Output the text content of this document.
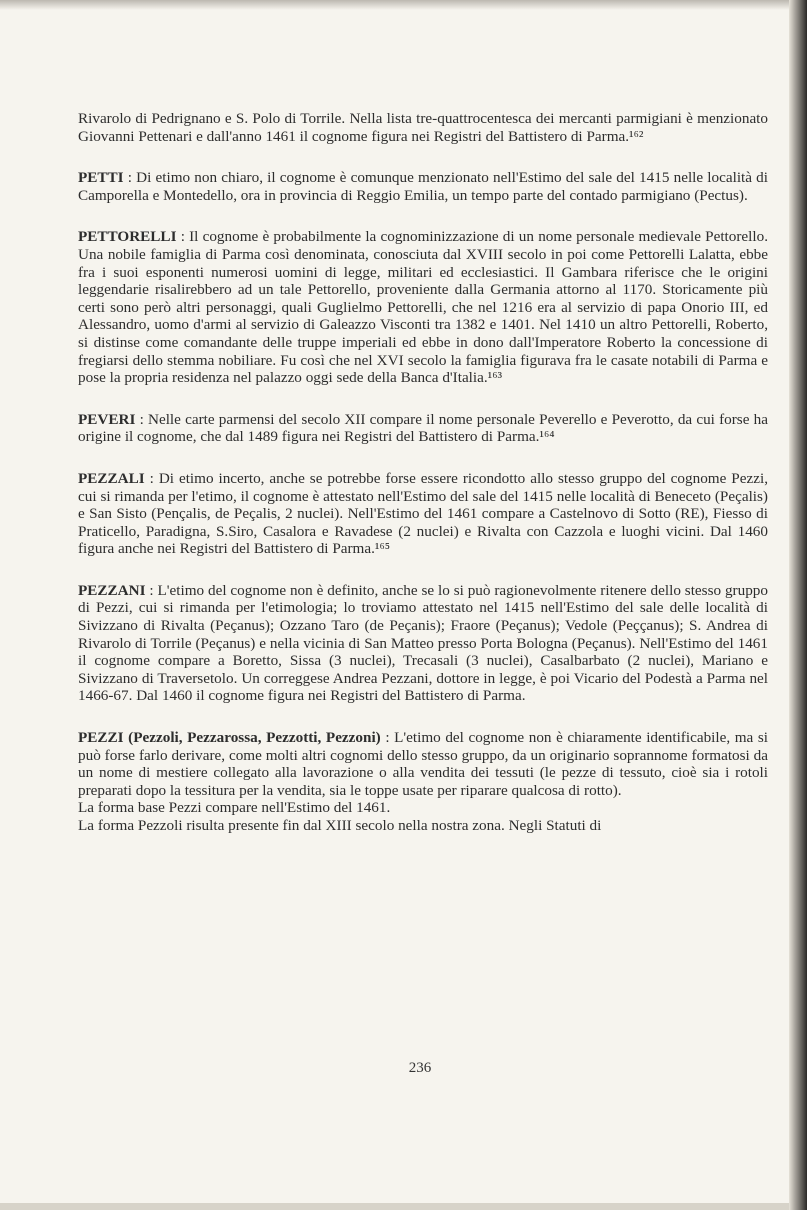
Rivarolo di Pedrignano e S. Polo di Torrile. Nella lista tre-quattrocentesca dei mercanti parmigiani è menzionato Giovanni Pettenari e dall'anno 1461 il cognome figura nei Registri del Battistero di Parma.¹⁶²

PETTI : Di etimo non chiaro, il cognome è comunque menzionato nell'Estimo del sale del 1415 nelle località di Camporella e Montedello, ora in provincia di Reggio Emilia, un tempo parte del contado parmigiano (Pectus).

PETTORELLI : Il cognome è probabilmente la cognominizzazione di un nome personale medievale Pettorello. Una nobile famiglia di Parma così denominata, conosciuta dal XVIII secolo in poi come Pettorelli Lalatta, ebbe fra i suoi esponenti numerosi uomini di legge, militari ed ecclesiastici. Il Gambara riferisce che le origini leggendarie risalirebbero ad un tale Pettorello, proveniente dalla Germania attorno al 1170. Storicamente più certi sono però altri personaggi, quali Guglielmo Pettorelli, che nel 1216 era al servizio di papa Onorio III, ed Alessandro, uomo d'armi al servizio di Galeazzo Visconti tra 1382 e 1401. Nel 1410 un altro Pettorelli, Roberto, si distinse come comandante delle truppe imperiali ed ebbe in dono dall'Imperatore Roberto la concessione di fregiarsi dello stemma nobiliare. Fu così che nel XVI secolo la famiglia figurava fra le casate notabili di Parma e pose la propria residenza nel palazzo oggi sede della Banca d'Italia.¹⁶³

PEVERI : Nelle carte parmensi del secolo XII compare il nome personale Peverello e Peverotto, da cui forse ha origine il cognome, che dal 1489 figura nei Registri del Battistero di Parma.¹⁶⁴

PEZZALI : Di etimo incerto, anche se potrebbe forse essere ricondotto allo stesso gruppo del cognome Pezzi, cui si rimanda per l'etimo, il cognome è attestato nell'Estimo del sale del 1415 nelle località di Beneceto (Peçalis) e San Sisto (Pençalis, de Peçalis, 2 nuclei). Nell'Estimo del 1461 compare a Castelnovo di Sotto (RE), Fiesso di Praticello, Paradigna, S.Siro, Casalora e Ravadese (2 nuclei) e Rivalta con Cazzola e luoghi vicini. Dal 1460 figura anche nei Registri del Battistero di Parma.¹⁶⁵

PEZZANI : L'etimo del cognome non è definito, anche se lo si può ragionevolmente ritenere dello stesso gruppo di Pezzi, cui si rimanda per l'etimologia; lo troviamo attestato nel 1415 nell'Estimo del sale delle località di Sivizzano di Rivalta (Peçanus); Ozzano Taro (de Peçanis); Fraore (Peçanus); Vedole (Peççanus); S. Andrea di Rivarolo di Torrile (Peçanus) e nella vicinia di San Matteo presso Porta Bologna (Peçanus). Nell'Estimo del 1461 il cognome compare a Boretto, Sissa (3 nuclei), Trecasali (3 nuclei), Casalbarbato (2 nuclei), Mariano e Sivizzano di Traversetolo. Un correggese Andrea Pezzani, dottore in legge, è poi Vicario del Podestà a Parma nel 1466-67. Dal 1460 il cognome figura nei Registri del Battistero di Parma.

PEZZI (Pezzoli, Pezzarossa, Pezzotti, Pezzoni) : L'etimo del cognome non è chiaramente identificabile, ma si può forse farlo derivare, come molti altri cognomi dello stesso gruppo, da un originario soprannome formatosi da un nome di mestiere collegato alla lavorazione o alla vendita dei tessuti (le pezze di tessuto, cioè sia i rotoli preparati dopo la tessitura per la vendita, sia le toppe usate per riparare qualcosa di rotto).

La forma base Pezzi compare nell'Estimo del 1461.

La forma Pezzoli risulta presente fin dal XIII secolo nella nostra zona. Negli Statuti di

236
